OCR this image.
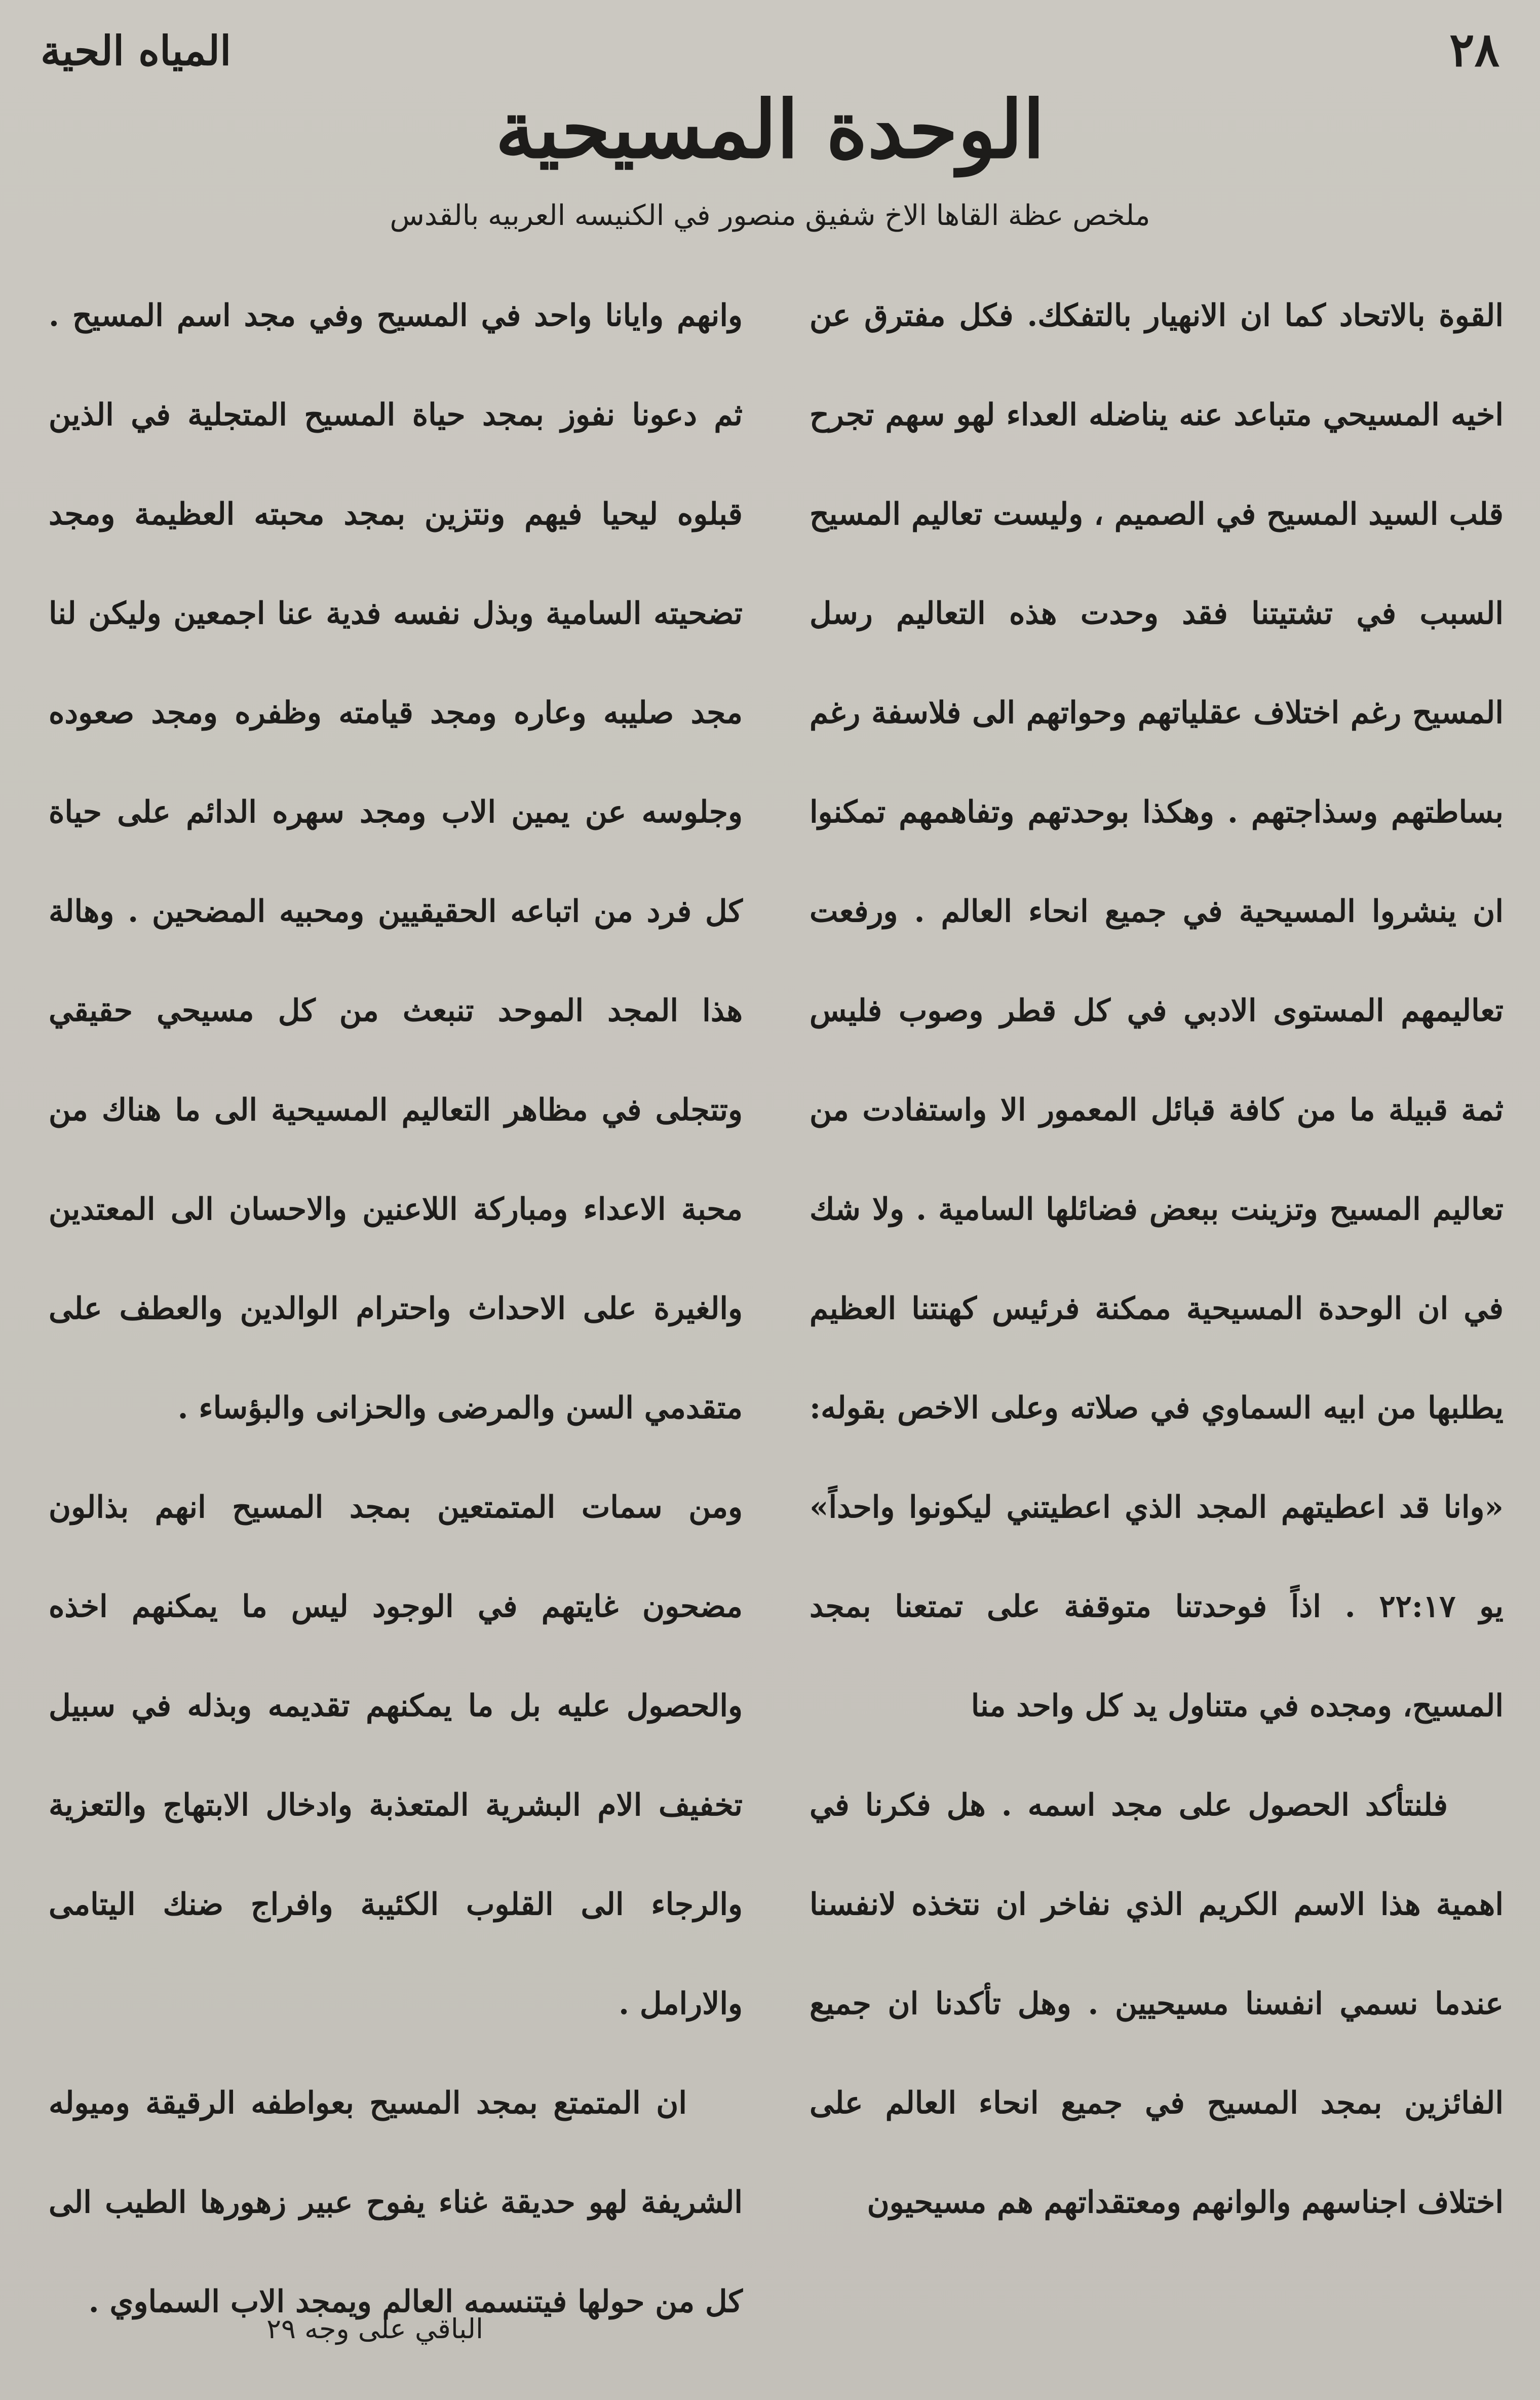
٢٨
المياه الحية
الوحدة المسيحية
ملخص عظة القاها الاخ شفيق منصور في الكنيسه العربيه بالقدس

القوة بالاتحاد كما ان الانهيار بالتفكك. فكل مفترق عن اخيه المسيحي متباعد عنه يناضله العداء لهو سهم تجرح قلب السيد المسيح في الصميم ، وليست تعاليم المسيح السبب في تشتيتنا فقد وحدت هذه التعاليم رسل المسيح رغم اختلاف عقلياتهم وحواتهم الى فلاسفة رغم بساطتهم وسذاجتهم . وهكذا بوحدتهم وتفاهمهم تمكنوا ان ينشروا المسيحية في جميع انحاء العالم . ورفعت تعاليمهم المستوى الادبي في كل قطر وصوب فليس ثمة قبيلة ما من كافة قبائل المعمور الا واستفادت من تعاليم المسيح وتزينت ببعض فضائلها السامية . ولا شك في ان الوحدة المسيحية ممكنة فرئيس كهنتنا العظيم يطلبها من ابيه السماوي في صلاته وعلى الاخص بقوله: «وانا قد اعطيتهم المجد الذي اعطيتني ليكونوا واحداً» يو ٢٢:١٧ . اذاً فوحدتنا متوقفة على تمتعنا بمجد المسيح، ومجده في متناول يد كل واحد منا

فلنتأكد الحصول على مجد اسمه . هل فكرنا في اهمية هذا الاسم الكريم الذي نفاخر ان نتخذه لانفسنا عندما نسمي انفسنا مسيحيين . وهل تأكدنا ان جميع الفائزين بمجد المسيح في جميع انحاء العالم على اختلاف اجناسهم والوانهم ومعتقداتهم هم مسيحيون

وانهم وايانا واحد في المسيح وفي مجد اسم المسيح . ثم دعونا نفوز بمجد حياة المسيح المتجلية في الذين قبلوه ليحيا فيهم ونتزين بمجد محبته العظيمة ومجد تضحيته السامية وبذل نفسه فدية عنا اجمعين وليكن لنا مجد صليبه وعاره ومجد قيامته وظفره ومجد صعوده وجلوسه عن يمين الاب ومجد سهره الدائم على حياة كل فرد من اتباعه الحقيقيين ومحبيه المضحين . وهالة هذا المجد الموحد تنبعث من كل مسيحي حقيقي وتتجلى في مظاهر التعاليم المسيحية الى ما هناك من محبة الاعداء ومباركة اللاعنين والاحسان الى المعتدين والغيرة على الاحداث واحترام الوالدين والعطف على متقدمي السن والمرضى والحزانى والبؤساء .

ومن سمات المتمتعين بمجد المسيح انهم بذالون مضحون غايتهم في الوجود ليس ما يمكنهم اخذه والحصول عليه بل ما يمكنهم تقديمه وبذله في سبيل تخفيف الام البشرية المتعذبة وادخال الابتهاج والتعزية والرجاء الى القلوب الكئيبة وافراج ضنك اليتامى والارامل .

ان المتمتع بمجد المسيح بعواطفه الرقيقة وميوله الشريفة لهو حديقة غناء يفوح عبير زهورها الطيب الى كل من حولها فيتنسمه العالم ويمجد الاب السماوي .

الباقي على وجه ٢٩
